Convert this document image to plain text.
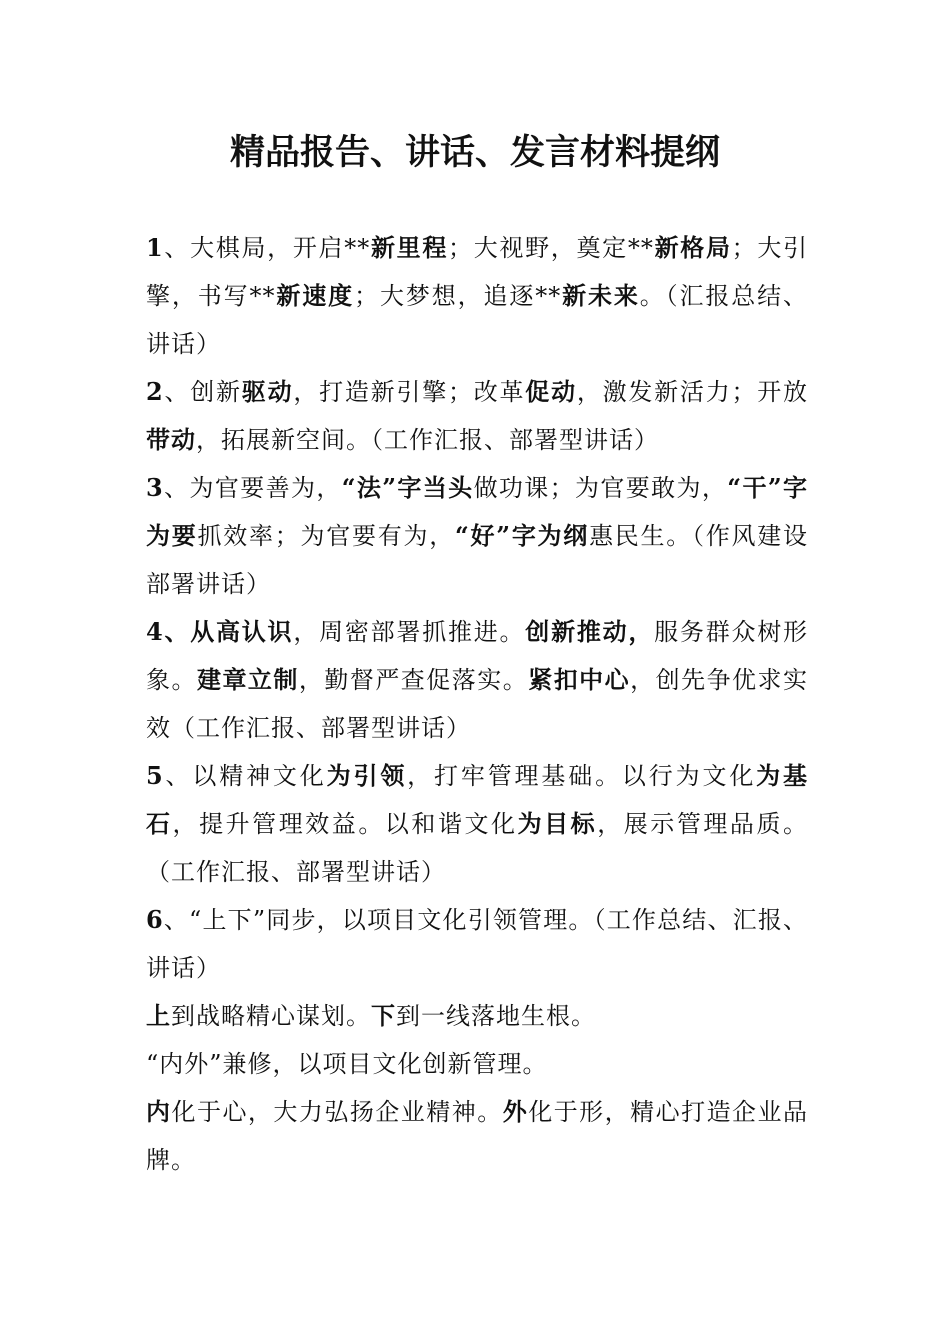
精品报告、讲话、发言材料提纲

1、大棋局，开启**新里程；大视野，奠定**新格局；大引擎，书写**新速度；大梦想，追逐**新未来。（汇报总结、讲话）

2、创新驱动，打造新引擎；改革促动，激发新活力；开放带动，拓展新空间。（工作汇报、部署型讲话）

3、为官要善为，“法”字当头做功课；为官要敢为，“干”字为要抓效率；为官要有为，“好”字为纲惠民生。（作风建设部署讲话）

4、从高认识，周密部署抓推进。创新推动，服务群众树形象。建章立制，勤督严查促落实。紧扣中心，创先争优求实效（工作汇报、部署型讲话）

5、以精神文化为引领，打牢管理基础。以行为文化为基石，提升管理效益。以和谐文化为目标，展示管理品质。（工作汇报、部署型讲话）

6、“上下”同步，以项目文化引领管理。（工作总结、汇报、讲话）

上到战略精心谋划。下到一线落地生根。

“内外”兼修，以项目文化创新管理。

内化于心，大力弘扬企业精神。外化于形，精心打造企业品牌。
